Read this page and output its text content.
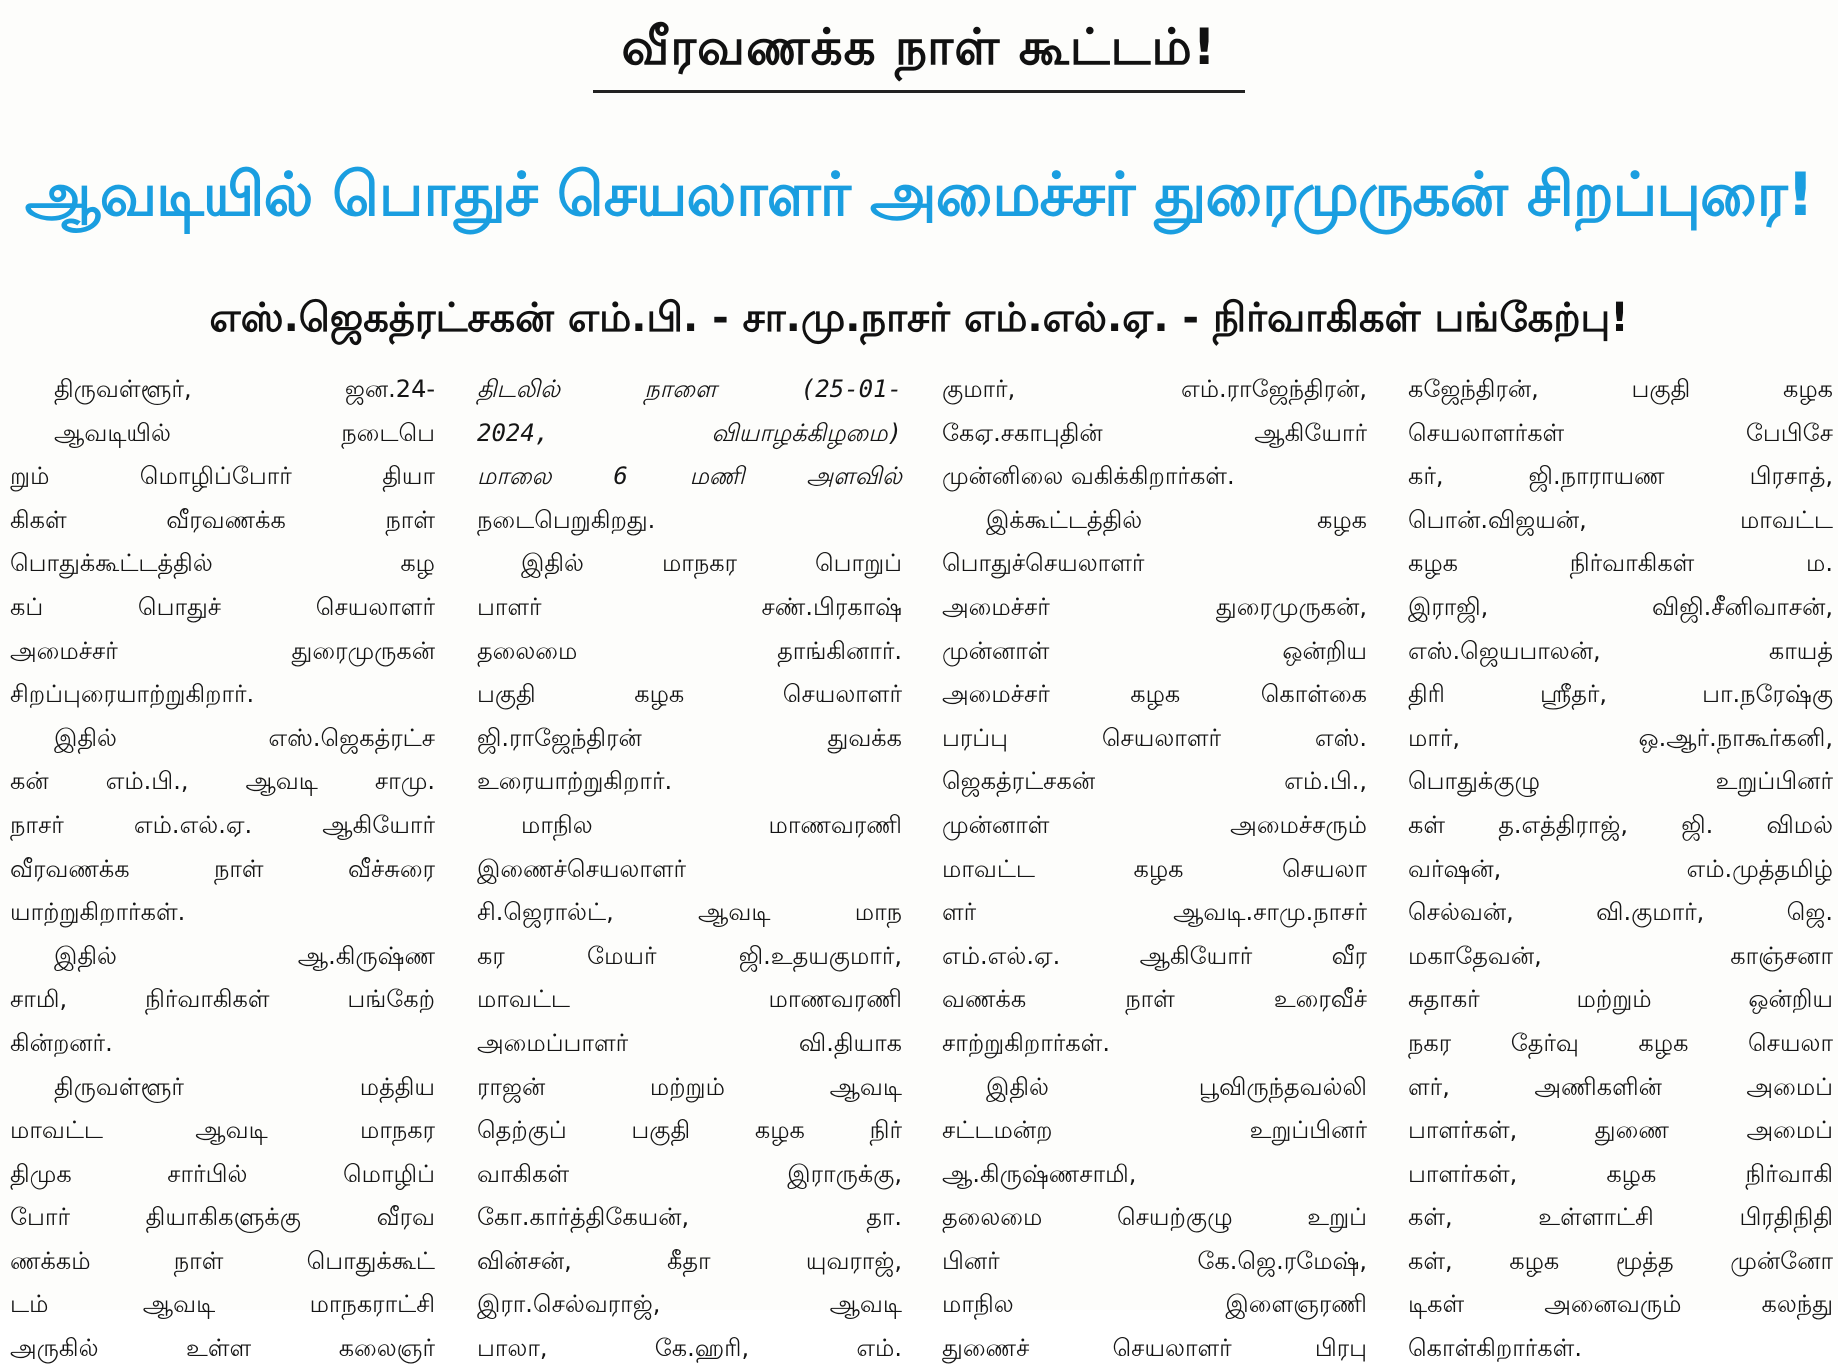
வீரவணக்க நாள் கூட்டம்!
ஆவடியில் பொதுச் செயலாளர் அமைச்சர் துரைமுருகன் சிறப்புரை!
எஸ்.ஜெகத்ரட்சகன் எம்.பி. - சா.மு.நாசர் எம்.எல்.ஏ. - நிர்வாகிகள் பங்கேற்பு!
திருவள்ளூர், ஜன.24-
ஆவடியில் நடைபெ
றும் மொழிப்போர் தியா
கிகள் வீரவணக்க நாள்
பொதுக்கூட்டத்தில் கழ
கப் பொதுச் செயலாளர்
அமைச்சர் துரைமுருகன்
சிறப்புரையாற்றுகிறார்.
இதில் எஸ்.ஜெகத்ரட்ச
கன் எம்.பி., ஆவடி சாமு.
நாசர் எம்.எல்.ஏ. ஆகியோர்
வீரவணக்க நாள் வீச்சுரை
யாற்றுகிறார்கள்.
இதில் ஆ.கிருஷ்ண
சாமி, நிர்வாகிகள் பங்கேற்
கின்றனர்.
திருவள்ளூர் மத்திய
மாவட்ட ஆவடி மாநகர
திமுக சார்பில் மொழிப்
போர் தியாகிகளுக்கு வீரவ
ணக்கம் நாள் பொதுக்கூட்
டம் ஆவடி மாநகராட்சி
அருகில் உள்ள கலைஞர்
திடலில் நாளை (25-01-
2024, வியாழக்கிழமை)
மாலை 6 மணி அளவில்
நடைபெறுகிறது.
இதில் மாநகர பொறுப்
பாளர் சண்.பிரகாஷ்
தலைமை தாங்கினார்.
பகுதி கழக செயலாளர்
ஜி.ராஜேந்திரன் துவக்க
உரையாற்றுகிறார்.
மாநில மாணவரணி
இணைச்செயலாளர்
சி.ஜெரால்ட், ஆவடி மாந
கர மேயர் ஜி.உதயகுமார்,
மாவட்ட மாணவரணி
அமைப்பாளர் வி.தியாக
ராஜன் மற்றும் ஆவடி
தெற்குப் பகுதி கழக நிர்
வாகிகள் இராருக்கு,
கோ.கார்த்திகேயன், தா.
வின்சன், கீதா யுவராஜ்,
இரா.செல்வராஜ், ஆவடி
பாலா, கே.ஹரி, எம்.
குமார், எம்.ராஜேந்திரன்,
கேஏ.சகாபுதின் ஆகியோர்
முன்னிலை வகிக்கிறார்கள்.
இக்கூட்டத்தில் கழக
பொதுச்செயலாளர்
அமைச்சர் துரைமுருகன்,
முன்னாள் ஒன்றிய
அமைச்சர் கழக கொள்கை
பரப்பு செயலாளர் எஸ்.
ஜெகத்ரட்சகன் எம்.பி.,
முன்னாள் அமைச்சரும்
மாவட்ட கழக செயலா
ளர் ஆவடி.சாமு.நாசர்
எம்.எல்.ஏ. ஆகியோர் வீர
வணக்க நாள் உரைவீச்
சாற்றுகிறார்கள்.
இதில் பூவிருந்தவல்லி
சட்டமன்ற உறுப்பினர்
ஆ.கிருஷ்ணசாமி,
தலைமை செயற்குழு உறுப்
பினர் கே.ஜெ.ரமேஷ்,
மாநில இளைஞரணி
துணைச் செயலாளர் பிரபு
கஜேந்திரன், பகுதி கழக
செயலாளர்கள் பேபிசே
கர், ஜி.நாராயண பிரசாத்,
பொன்.விஜயன், மாவட்ட
கழக நிர்வாகிகள் ம.
இராஜி, விஜி.சீனிவாசன்,
எஸ்.ஜெயபாலன், காயத்
திரி ஸ்ரீதர், பா.நரேஷ்கு
மார், ஒ.ஆர்.நாகூர்கனி,
பொதுக்குழு உறுப்பினர்
கள் த.எத்திராஜ், ஜி. விமல்
வர்ஷன், எம்.முத்தமிழ்
செல்வன், வி.குமார், ஜெ.
மகாதேவன், காஞ்சனா
சுதாகர் மற்றும் ஒன்றிய
நகர தேர்வு கழக செயலா
ளர், அணிகளின் அமைப்
பாளர்கள், துணை அமைப்
பாளர்கள், கழக நிர்வாகி
கள், உள்ளாட்சி பிரதிநிதி
கள், கழக மூத்த முன்னோ
டிகள் அனைவரும் கலந்து
கொள்கிறார்கள்.
